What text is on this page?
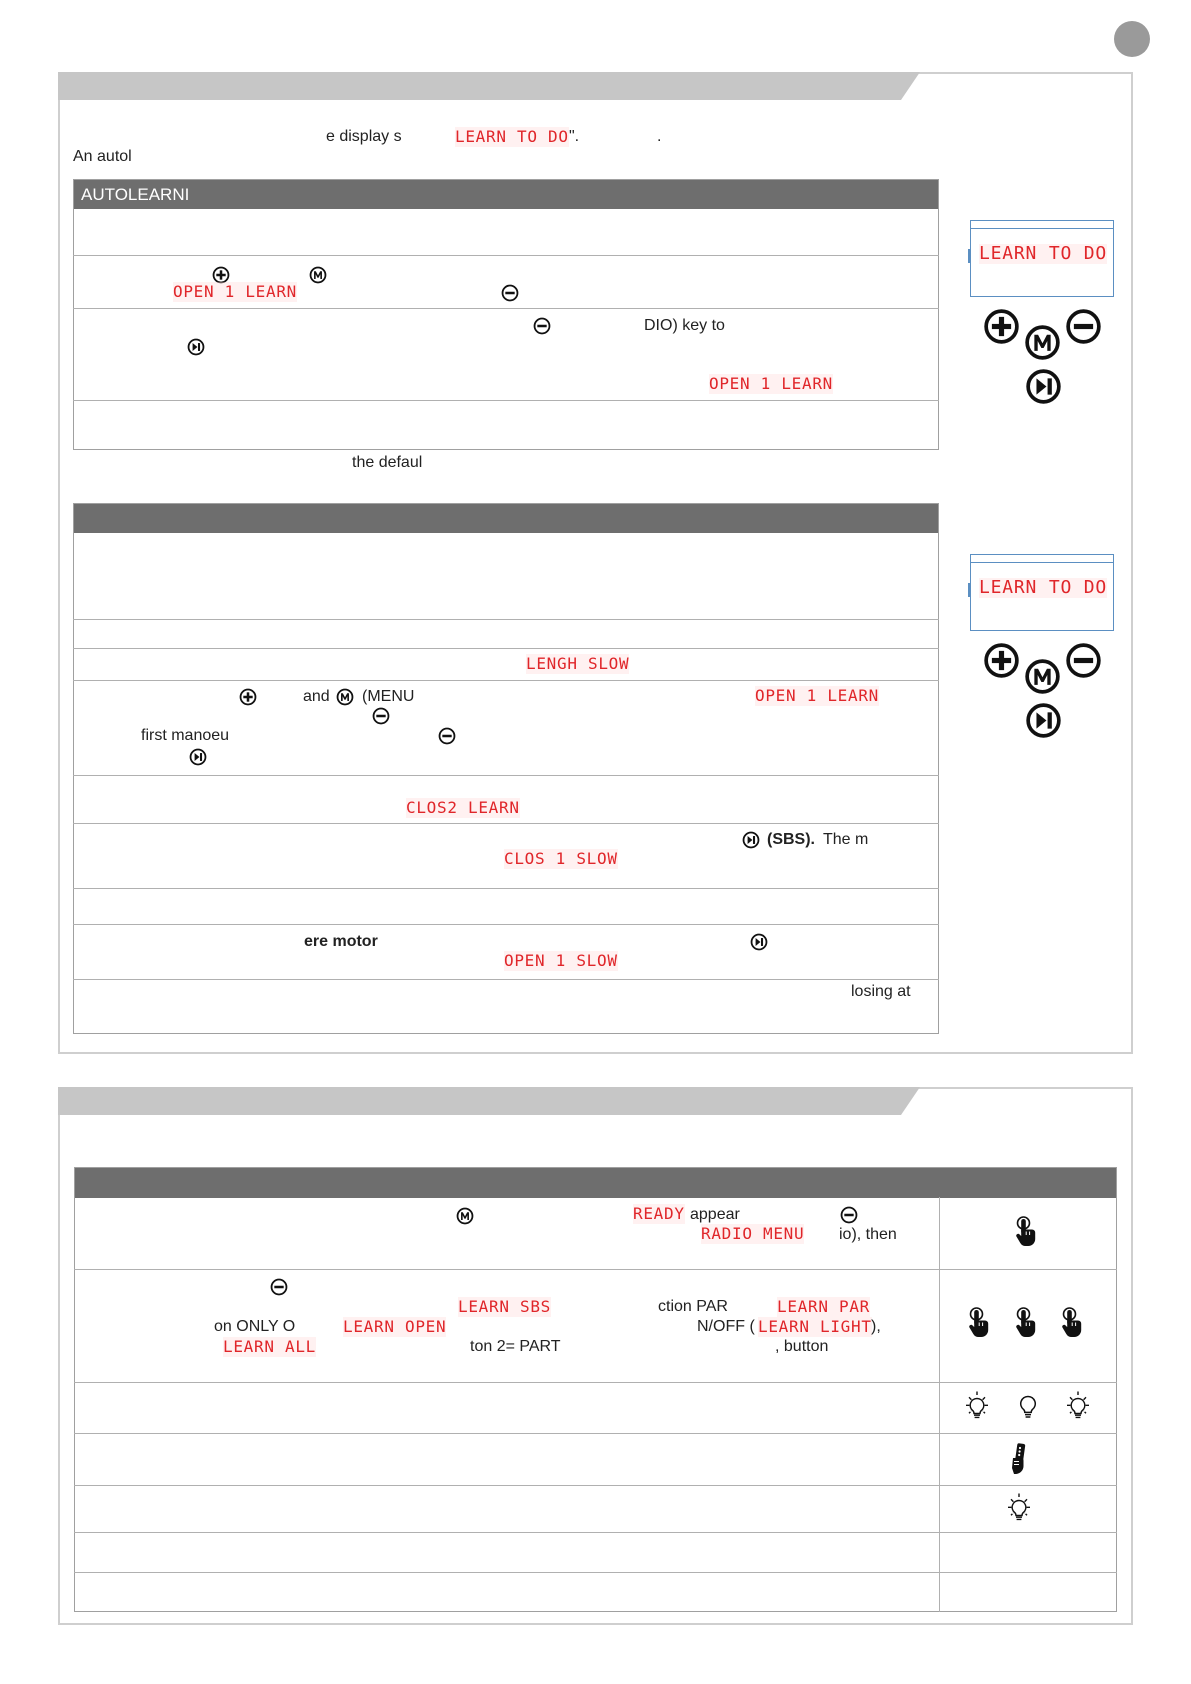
e display s	LEARN TO DO ".	.
An autol
AUTOLEARNI
OPEN 1 LEARN
DIO) key to
OPEN 1 LEARN
the defaul
LENGH SLOW
and (MENU	OPEN 1 LEARN
first manoeu
CLOS2 LEARN
(SBS). The m
CLOS 1 SLOW
ere motor
OPEN 1 SLOW
losing at
LEARN TO DO
LEARN TO DO
READY appear
RADIO MENU io), then
LEARN SBS	ction PAR	LEARN PAR
on ONLY O	LEARN OPEN	N/OFF ( LEARN LIGHT ),
LEARN ALL	ton 2= PART	, button
